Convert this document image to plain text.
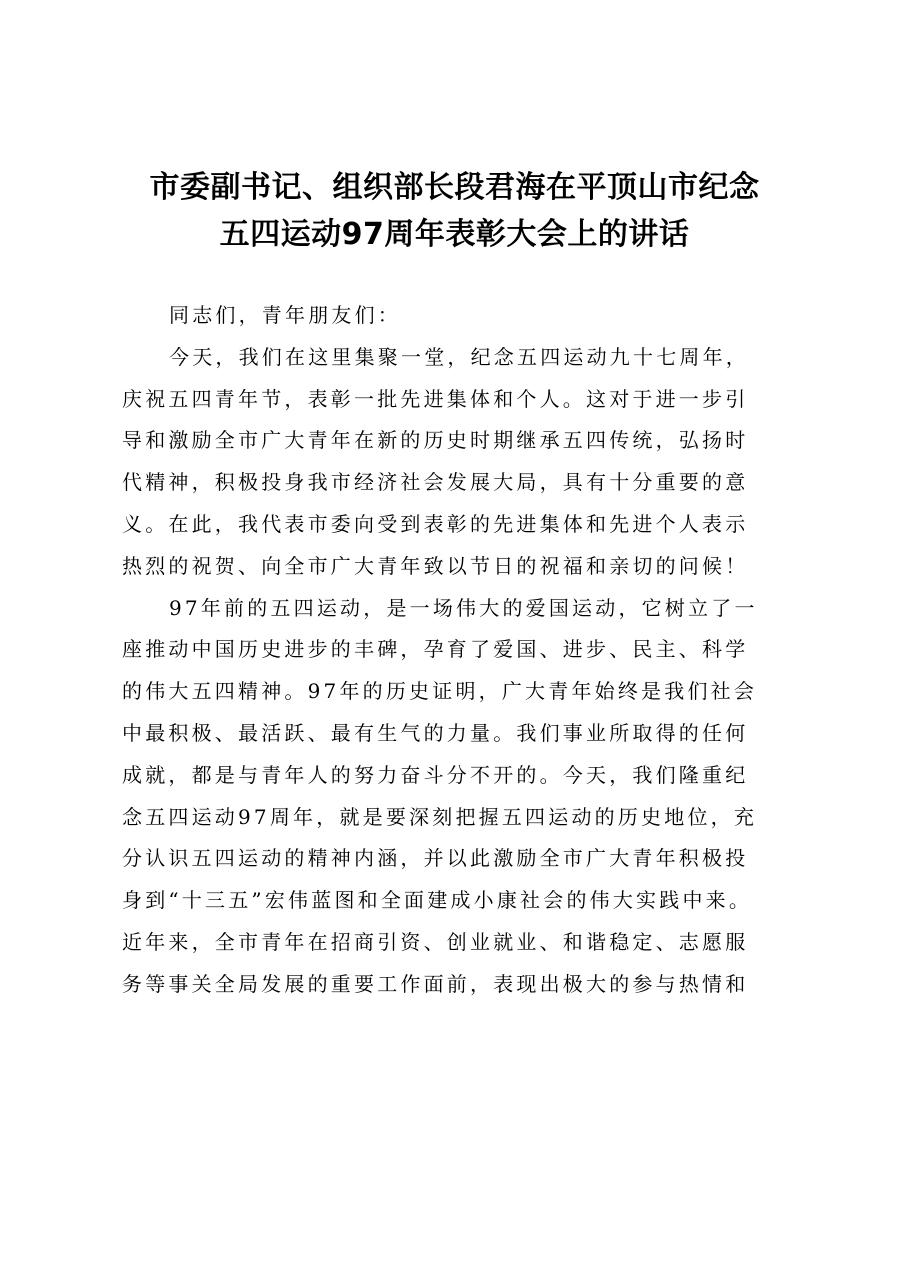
市委副书记、组织部长段君海在平顶山市纪念
五四运动97周年表彰大会上的讲话
同志们，青年朋友们：
今天，我们在这里集聚一堂，纪念五四运动九十七周年，
庆祝五四青年节，表彰一批先进集体和个人。这对于进一步引
导和激励全市广大青年在新的历史时期继承五四传统，弘扬时
代精神，积极投身我市经济社会发展大局，具有十分重要的意
义。在此，我代表市委向受到表彰的先进集体和先进个人表示
热烈的祝贺、向全市广大青年致以节日的祝福和亲切的问候！
97年前的五四运动，是一场伟大的爱国运动，它树立了一
座推动中国历史进步的丰碑，孕育了爱国、进步、民主、科学
的伟大五四精神。97年的历史证明，广大青年始终是我们社会
中最积极、最活跃、最有生气的力量。我们事业所取得的任何
成就，都是与青年人的努力奋斗分不开的。今天，我们隆重纪
念五四运动97周年，就是要深刻把握五四运动的历史地位，充
分认识五四运动的精神内涵，并以此激励全市广大青年积极投
身到“十三五”宏伟蓝图和全面建成小康社会的伟大实践中来。
近年来，全市青年在招商引资、创业就业、和谐稳定、志愿服
务等事关全局发展的重要工作面前，表现出极大的参与热情和
